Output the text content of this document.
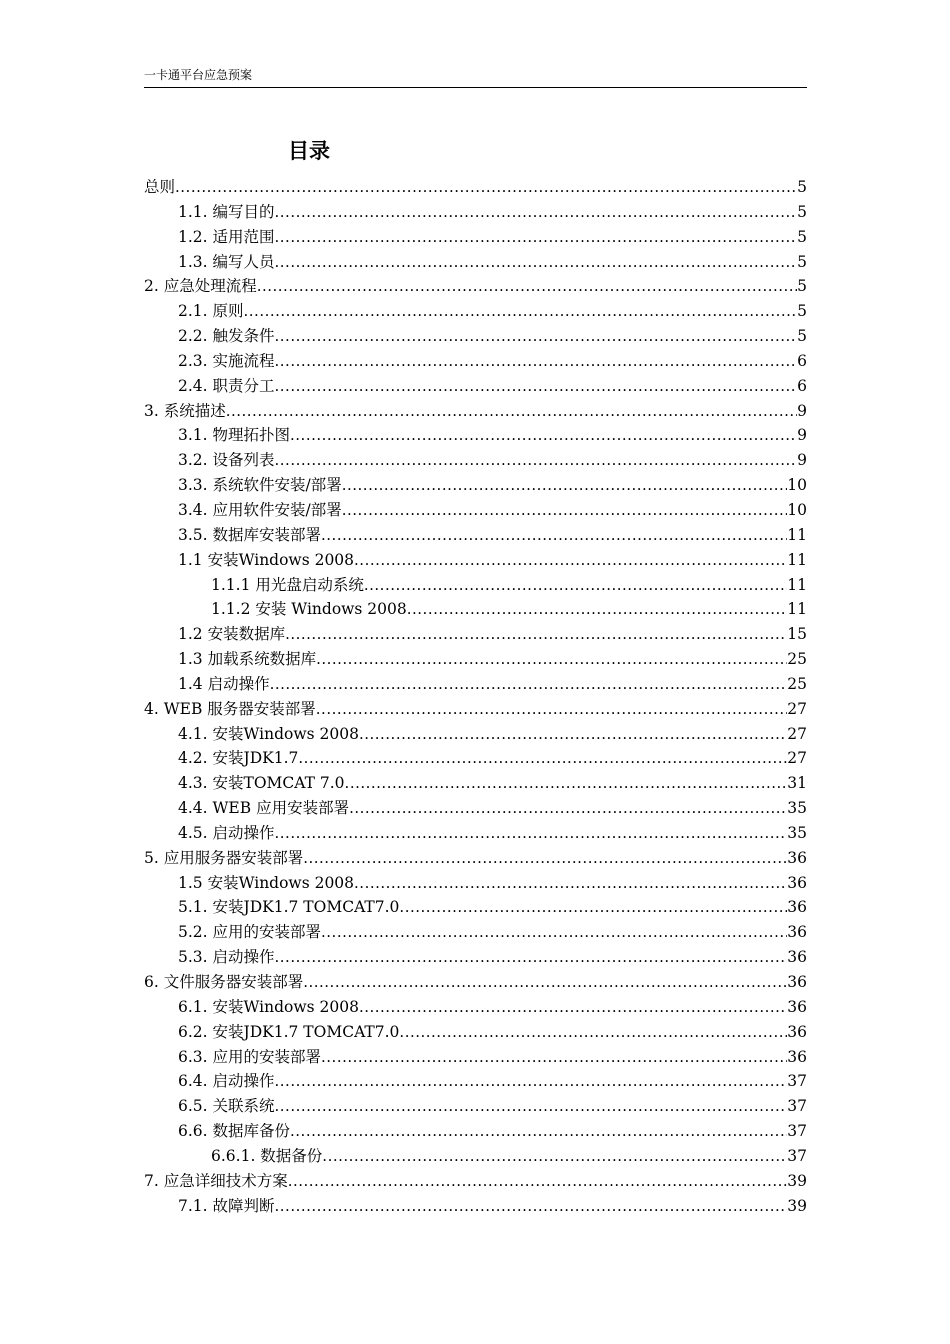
一卡通平台应急预案
目录
总则 .....	5
1.1. 编写目的 .....	5
1.2. 适用范围 .....	5
1.3. 编写人员 .....	5
2. 应急处理流程 .....	5
2.1. 原则 .....	5
2.2. 触发条件 .....	5
2.3. 实施流程 .....	6
2.4. 职责分工 .....	6
3. 系统描述 .....	9
3.1. 物理拓扑图 .....	9
3.2. 设备列表 .....	9
3.3. 系统软件安装/部署 .....	10
3.4. 应用软件安装/部署 .....	10
3.5. 数据库安装部署 .....	11
1.1 安装Windows 2008 .....	11
1.1.1 用光盘启动系统 .....	11
1.1.2 安装 Windows 2008 .....	11
1.2 安装数据库 .....	15
1.3 加载系统数据库 .....	25
1.4 启动操作 .....	25
4. WEB 服务器安装部署 .....	27
4.1. 安装Windows 2008 .....	27
4.2. 安装JDK1.7 .....	27
4.3. 安装TOMCAT 7.0 .....	31
4.4. WEB 应用安装部署 .....	35
4.5. 启动操作 .....	35
5. 应用服务器安装部署 .....	36
1.5 安装Windows 2008 .....	36
5.1. 安装JDK1.7 TOMCAT7.0 .....	36
5.2. 应用的安装部署 .....	36
5.3. 启动操作 .....	36
6. 文件服务器安装部署 .....	36
6.1. 安装Windows 2008 .....	36
6.2. 安装JDK1.7 TOMCAT7.0 .....	36
6.3. 应用的安装部署 .....	36
6.4. 启动操作 .....	37
6.5. 关联系统 .....	37
6.6. 数据库备份 .....	37
6.6.1. 数据备份 .....	37
7. 应急详细技术方案 .....	39
7.1. 故障判断 .....	39
